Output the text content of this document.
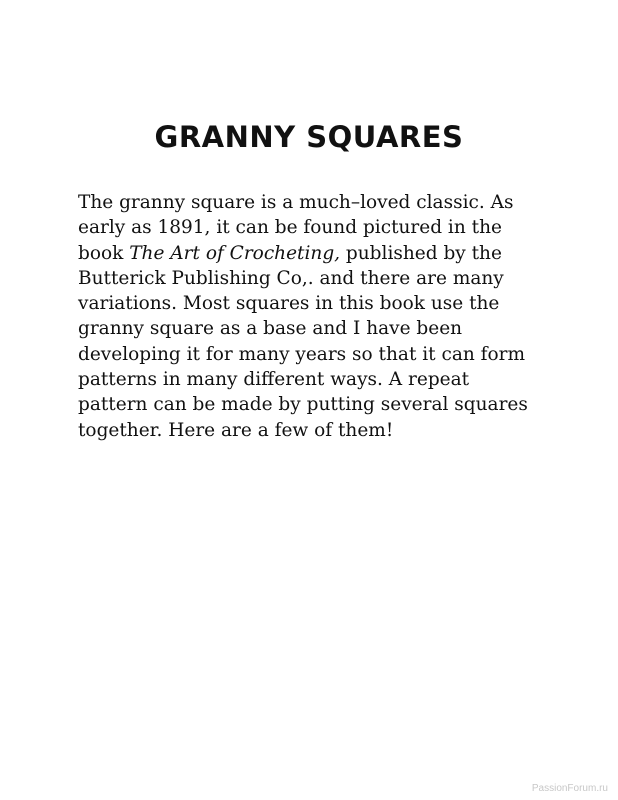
GRANNY SQUARES
The granny square is a much–loved classic. As
early as 1891, it can be found pictured in the
book The Art of Crocheting, published by the
Butterick Publishing Co,. and there are many
variations. Most squares in this book use the
granny square as a base and I have been
developing it for many years so that it can form
patterns in many different ways. A repeat
pattern can be made by putting several squares
together. Here are a few of them!
PassionForum.ru
